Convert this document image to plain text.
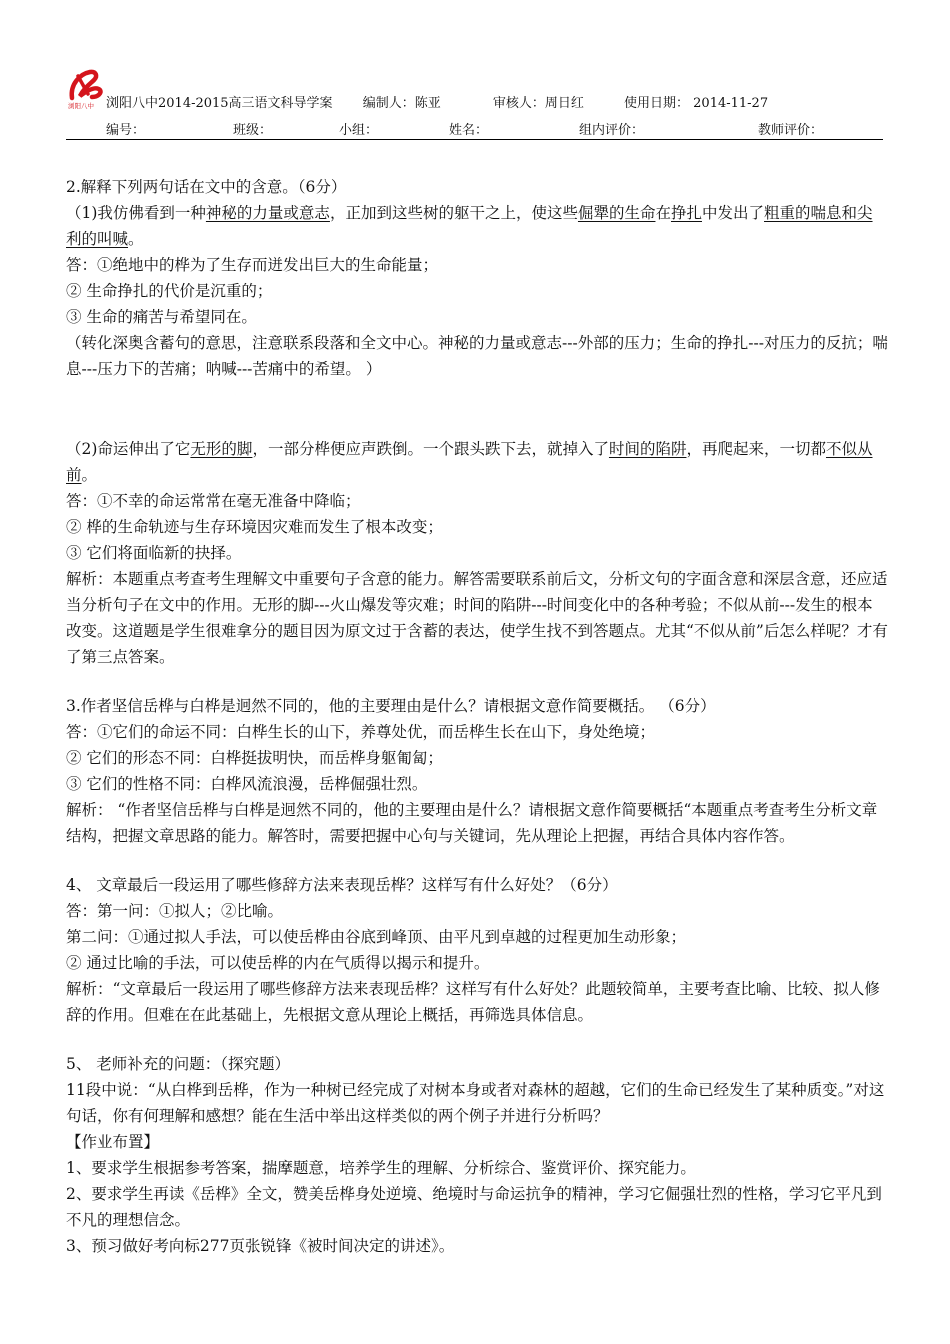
浏阳八中 浏阳八中2014-2015高三语文科导学案 编制人：陈亚	审核人：周日红	使用日期： 2014-11-27
编号：	班级：	小组：	姓名：	组内评价：	教师评价：

2.解释下列两句话在文中的含意。（6分）

（1)我仿佛看到一种神秘的力量或意志，正加到这些树的躯干之上，使这些倔犟的生命在挣扎中发出了粗重的喘息和尖利的叫喊。

答：①绝地中的桦为了生存而迸发出巨大的生命能量；

② 生命挣扎的代价是沉重的；

③ 生命的痛苦与希望同在。

（转化深奥含蓄句的意思，注意联系段落和全文中心。神秘的力量或意志---外部的压力；生命的挣扎---对压力的反抗；喘息---压力下的苦痛；呐喊---苦痛中的希望。 ）

（2)命运伸出了它无形的脚，一部分桦便应声跌倒。一个跟头跌下去，就掉入了时间的陷阱，再爬起来，一切都不似从前。

答：①不幸的命运常常在毫无准备中降临；

② 桦的生命轨迹与生存环境因灾难而发生了根本改变；

③ 它们将面临新的抉择。

解析：本题重点考查考生理解文中重要句子含意的能力。解答需要联系前后文，分析文句的字面含意和深层含意，还应适当分析句子在文中的作用。无形的脚---火山爆发等灾难；时间的陷阱---时间变化中的各种考验；不似从前---发生的根本改变。这道题是学生很难拿分的题目因为原文过于含蓄的表达，使学生找不到答题点。尤其“不似从前”后怎么样呢？才有了第三点答案。

3.作者坚信岳桦与白桦是迥然不同的，他的主要理由是什么？请根据文意作简要概括。 （6分）

答：①它们的命运不同：白桦生长的山下，养尊处优，而岳桦生长在山下，身处绝境；

② 它们的形态不同：白桦挺拔明快，而岳桦身躯匍匐；

③ 它们的性格不同：白桦风流浪漫，岳桦倔强壮烈。

解析： “作者坚信岳桦与白桦是迥然不同的，他的主要理由是什么？请根据文意作简要概括“本题重点考查考生分析文章结构，把握文章思路的能力。解答时，需要把握中心句与关键词，先从理论上把握，再结合具体内容作答。

4、 文章最后一段运用了哪些修辞方法来表现岳桦？这样写有什么好处？（6分）

答：第一问：①拟人；②比喻。

第二问：①通过拟人手法，可以使岳桦由谷底到峰顶、由平凡到卓越的过程更加生动形象；

② 通过比喻的手法，可以使岳桦的内在气质得以揭示和提升。

解析：“文章最后一段运用了哪些修辞方法来表现岳桦？这样写有什么好处？此题较简单，主要考查比喻、比较、拟人修辞的作用。但难在在此基础上，先根据文意从理论上概括，再筛选具体信息。

5、 老师补充的问题：（探究题）

11段中说：“从白桦到岳桦，作为一种树已经完成了对树本身或者对森林的超越，它们的生命已经发生了某种质变。”对这句话，你有何理解和感想？能在生活中举出这样类似的两个例子并进行分析吗？

【作业布置】

1、要求学生根据参考答案，揣摩题意，培养学生的理解、分析综合、鉴赏评价、探究能力。

2、要求学生再读《岳桦》全文，赞美岳桦身处逆境、绝境时与命运抗争的精神，学习它倔强壮烈的性格，学习它平凡到不凡的理想信念。

3、预习做好考向标277页张锐锋《被时间决定的讲述》。
